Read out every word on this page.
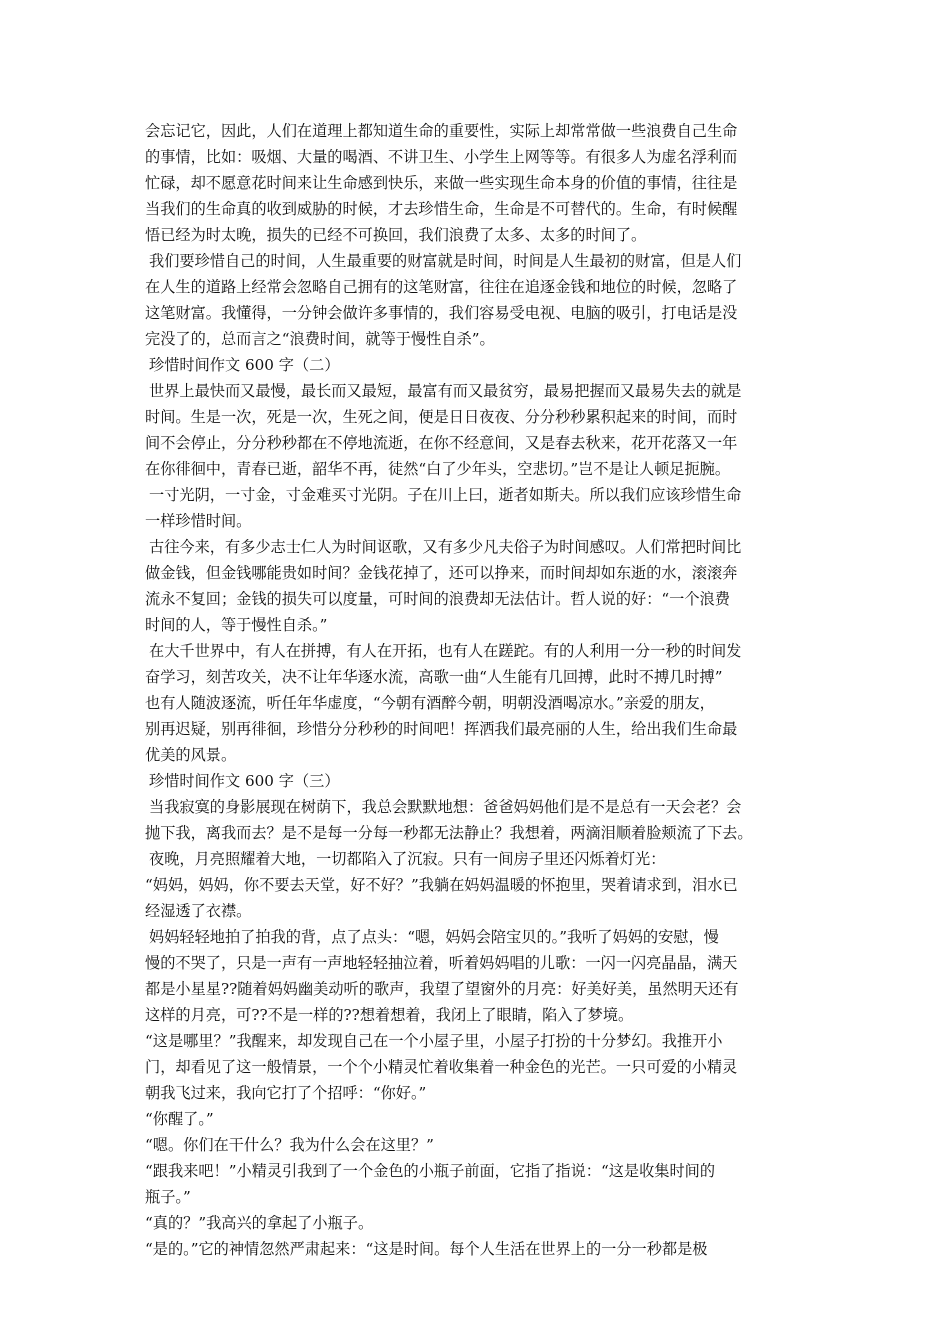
会忘记它，因此，人们在道理上都知道生命的重要性，实际上却常常做一些浪费自己生命
的事情，比如：吸烟、大量的喝酒、不讲卫生、小学生上网等等。有很多人为虚名浮利而
忙碌，却不愿意花时间来让生命感到快乐，来做一些实现生命本身的价值的事情，往往是
当我们的生命真的收到威胁的时候，才去珍惜生命，生命是不可替代的。生命，有时候醒
悟已经为时太晚，损失的已经不可换回，我们浪费了太多、太多的时间了。
我们要珍惜自己的时间，人生最重要的财富就是时间，时间是人生最初的财富，但是人们
在人生的道路上经常会忽略自己拥有的这笔财富，往往在追逐金钱和地位的时候，忽略了
这笔财富。我懂得，一分钟会做许多事情的，我们容易受电视、电脑的吸引，打电话是没
完没了的，总而言之“浪费时间，就等于慢性自杀”。
珍惜时间作文 600 字（二）
世界上最快而又最慢，最长而又最短，最富有而又最贫穷，最易把握而又最易失去的就是
时间。生是一次，死是一次，生死之间，便是日日夜夜、分分秒秒累积起来的时间，而时
间不会停止，分分秒秒都在不停地流逝，在你不经意间，又是春去秋来，花开花落又一年
在你徘徊中，青春已逝，韶华不再，徒然“白了少年头，空悲切。”岂不是让人顿足扼腕。
一寸光阴，一寸金，寸金难买寸光阴。子在川上曰，逝者如斯夫。所以我们应该珍惜生命
一样珍惜时间。
古往今来，有多少志士仁人为时间讴歌，又有多少凡夫俗子为时间感叹。人们常把时间比
做金钱，但金钱哪能贵如时间？金钱花掉了，还可以挣来，而时间却如东逝的水，滚滚奔
流永不复回；金钱的损失可以度量，可时间的浪费却无法估计。哲人说的好：“一个浪费
时间的人，等于慢性自杀。”
在大千世界中，有人在拼搏，有人在开拓，也有人在蹉跎。有的人利用一分一秒的时间发
奋学习，刻苦攻关，决不让年华逐水流，高歌一曲“人生能有几回搏，此时不搏几时搏”
也有人随波逐流，听任年华虚度，“今朝有酒醉今朝，明朝没酒喝凉水。”亲爱的朋友，
别再迟疑，别再徘徊，珍惜分分秒秒的时间吧！挥洒我们最亮丽的人生，给出我们生命最
优美的风景。
珍惜时间作文 600 字（三）
当我寂寞的身影展现在树荫下，我总会默默地想：爸爸妈妈他们是不是总有一天会老？会
抛下我，离我而去？是不是每一分每一秒都无法静止？我想着，两滴泪顺着脸颊流了下去。
夜晚，月亮照耀着大地，一切都陷入了沉寂。只有一间房子里还闪烁着灯光：
“妈妈，妈妈，你不要去天堂，好不好？”我躺在妈妈温暖的怀抱里，哭着请求到，泪水已
经湿透了衣襟。
妈妈轻轻地拍了拍我的背，点了点头：“嗯，妈妈会陪宝贝的。”我听了妈妈的安慰，慢
慢的不哭了，只是一声有一声地轻轻抽泣着，听着妈妈唱的儿歌：一闪一闪亮晶晶，满天
都是小星星??随着妈妈幽美动听的歌声，我望了望窗外的月亮：好美好美，虽然明天还有
这样的月亮，可??不是一样的??想着想着，我闭上了眼睛，陷入了梦境。
“这是哪里？”我醒来，却发现自己在一个小屋子里，小屋子打扮的十分梦幻。我推开小
门，却看见了这一般情景，一个个小精灵忙着收集着一种金色的光芒。一只可爱的小精灵
朝我飞过来，我向它打了个招呼：“你好。”
“你醒了。”
“嗯。你们在干什么？我为什么会在这里？”
“跟我来吧！”小精灵引我到了一个金色的小瓶子前面，它指了指说：“这是收集时间的
瓶子。”
“真的？”我高兴的拿起了小瓶子。
“是的。”它的神情忽然严肃起来：“这是时间。每个人生活在世界上的一分一秒都是极
